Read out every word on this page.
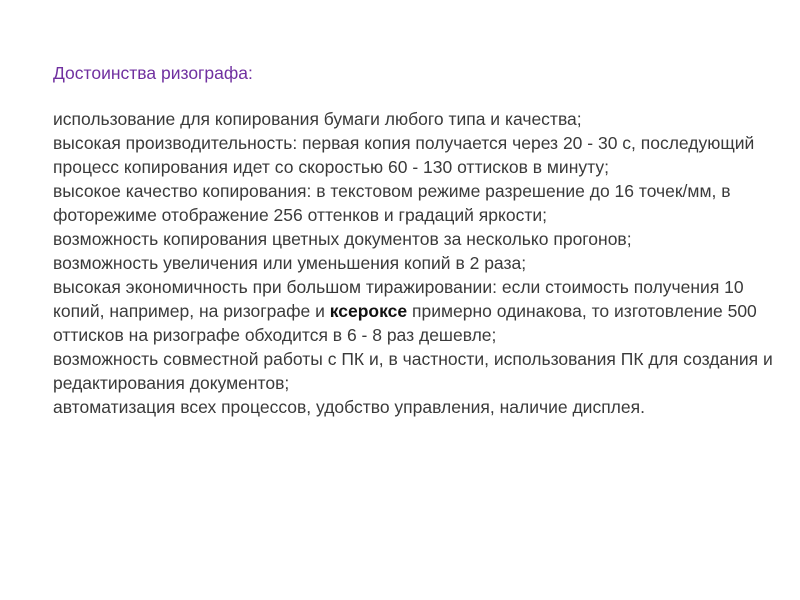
Достоинства ризографа:
использование для копирования бумаги любого типа и качества;
высокая производительность: первая копия получается через 20 - 30 с, последующий процесс копирования идет со скоростью 60 - 130 оттисков в минуту;
высокое качество копирования: в текстовом режиме разрешение до 16 точек/мм, в фоторежиме отображение 256 оттенков и градаций яркости;
возможность копирования цветных документов за несколько прогонов;
возможность увеличения или уменьшения копий в 2 раза;
высокая экономичность при большом тиражировании: если стоимость получения 10 копий, например, на ризографе и ксероксе примерно одинакова, то изготовление 500 оттисков на ризографе обходится в 6 - 8 раз дешевле;
возможность совместной работы с ПК и, в частности, использования ПК для создания и редактирования документов;
автоматизация всех процессов, удобство управления, наличие дисплея.
